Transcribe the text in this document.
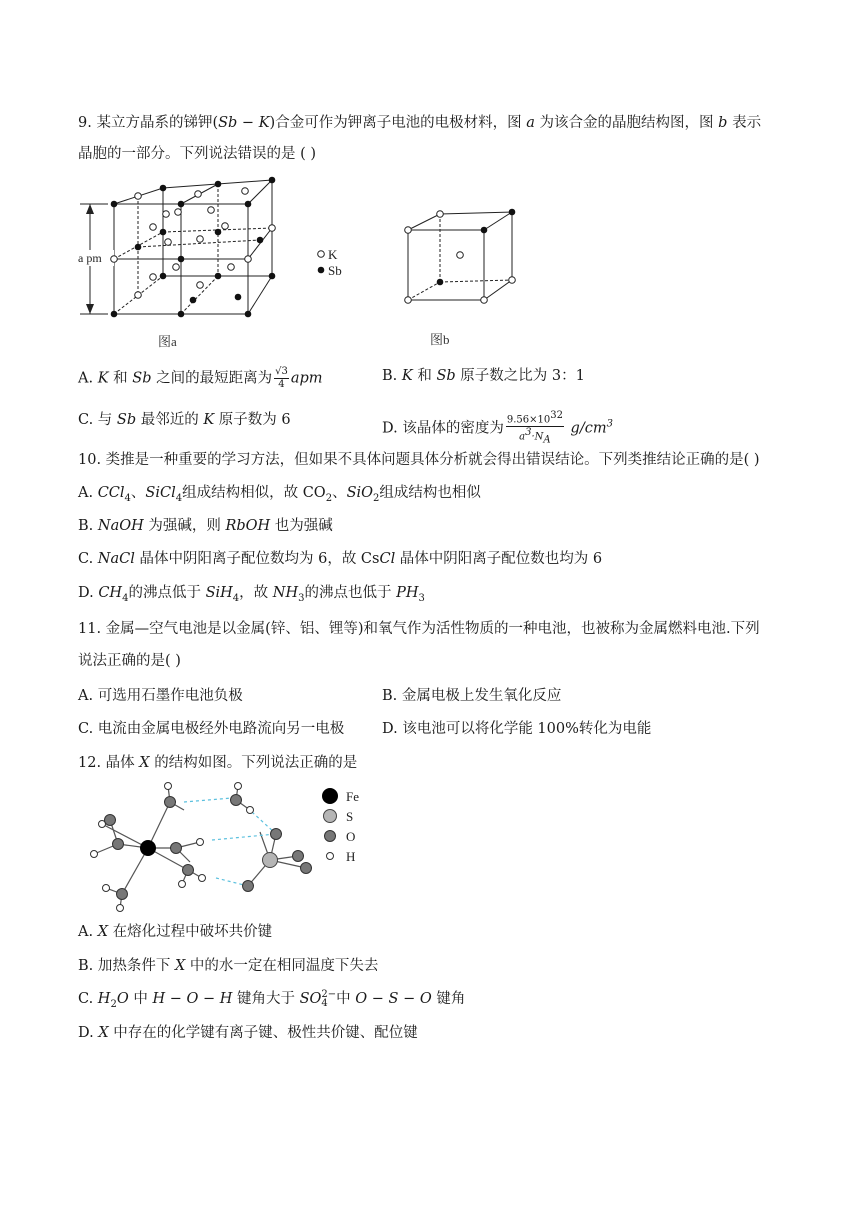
9. 某立方晶系的锑钾(Sb − K)合金可作为钾离子电池的电极材料，图 a 为该合金的晶胞结构图，图 b 表示
晶胞的一部分。下列说法错误的是 ( )
a pm
图a
K
Sb
图b
A. K 和 Sb 之间的最短距离为 $\frac{√3}{4}$ apm	B. K 和 Sb 原子数之比为 3：1
C. 与 Sb 最邻近的 K 原子数为 6
D. 该晶体的密度为 $\frac{9.56\times 10^{32}}{a^3\cdot N_A} g/cm^3$
10. 类推是一种重要的学习方法，但如果不具体问题具体分析就会得出错误结论。下列类推结论正确的是( )
A. CCl$_4$、SiCl$_4$组成结构相似，故 $CO_2$、SiO$_2$组成结构也相似
B. NaOH 为强碱，则 RbOH 也为强碱
C. NaCl 晶体中阴阳离子配位数均为 6，故 CsCl 晶体中阴阳离子配位数也均为 6
D. $CH_4$的沸点低于 SiH$_4$，故 $NH_3$的沸点也低于 $PH_3$
11. 金属—空气电池是以金属(锌、铝、锂等)和氧气作为活性物质的一种电池，也被称为金属燃料电池.下列
说法正确的是( )
A. 可选用石墨作电池负极	B. 金属电极上发生氧化反应
C. 电流由金属电极经外电路流向另一电极	D. 该电池可以将化学能 100%转化为电能
12. 晶体 X 的结构如图。下列说法正确的是
Fe
S
O
H
A. X 在熔化过程中破坏共价键
B. 加热条件下 X 中的水一定在相同温度下失去
C. $H_2O$ 中 H − O − H 键角大于 SO 2−
4 中 O − S − O 键角
D. X 中存在的化学键有离子键、极性共价键、配位键
